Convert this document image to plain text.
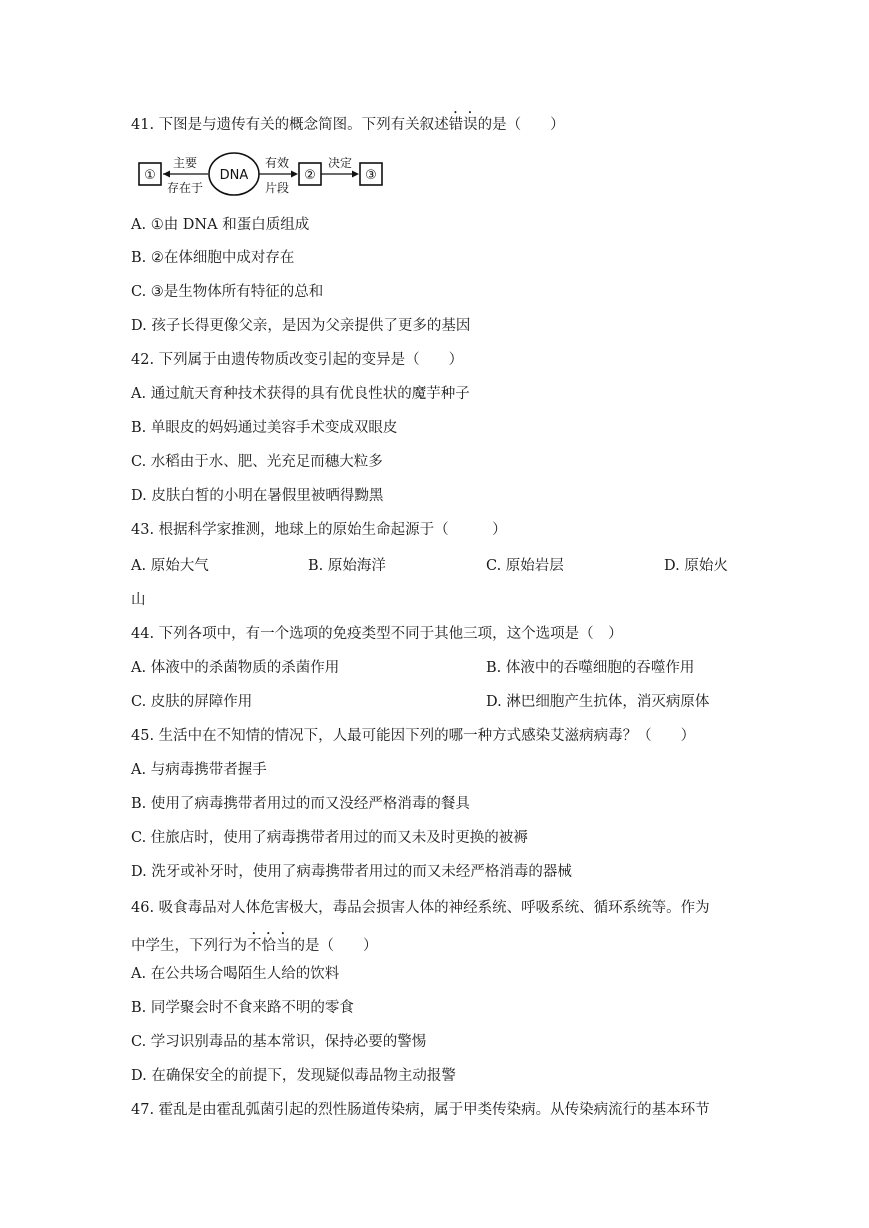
41. 下图是与遗传有关的概念简图。下列有关叙述错误的是（　　）
①
主要
存在于
DNA
有效
片段
②
决定
③
A. ①由 DNA 和蛋白质组成
B. ②在体细胞中成对存在
C. ③是生物体所有特征的总和
D. 孩子长得更像父亲，是因为父亲提供了更多的基因
42. 下列属于由遗传物质改变引起的变异是（　　）
A. 通过航天育种技术获得的具有优良性状的魔芋种子
B. 单眼皮的妈妈通过美容手术变成双眼皮
C. 水稻由于水、肥、光充足而穗大粒多
D. 皮肤白皙的小明在暑假里被晒得黝黑
43. 根据科学家推测，地球上的原始生命起源于（　　　）
A. 原始大气	B. 原始海洋	C. 原始岩层	D. 原始火
山
44. 下列各项中，有一个选项的免疫类型不同于其他三项，这个选项是（　）
A. 体液中的杀菌物质的杀菌作用	B. 体液中的吞噬细胞的吞噬作用
C. 皮肤的屏障作用	D. 淋巴细胞产生抗体，消灭病原体
45. 生活中在不知情的情况下，人最可能因下列的哪一种方式感染艾滋病病毒？（　　）
A. 与病毒携带者握手
B. 使用了病毒携带者用过的而又没经严格消毒的餐具
C. 住旅店时，使用了病毒携带者用过的而又未及时更换的被褥
D. 洗牙或补牙时，使用了病毒携带者用过的而又未经严格消毒的器械
46. 吸食毒品对人体危害极大，毒品会损害人体的神经系统、呼吸系统、循环系统等。作为
中学生，下列行为不恰当的是（　　）
A. 在公共场合喝陌生人给的饮料
B. 同学聚会时不食来路不明的零食
C. 学习识别毒品的基本常识，保持必要的警惕
D. 在确保安全的前提下，发现疑似毒品物主动报警
47. 霍乱是由霍乱弧菌引起的烈性肠道传染病，属于甲类传染病。从传染病流行的基本环节
